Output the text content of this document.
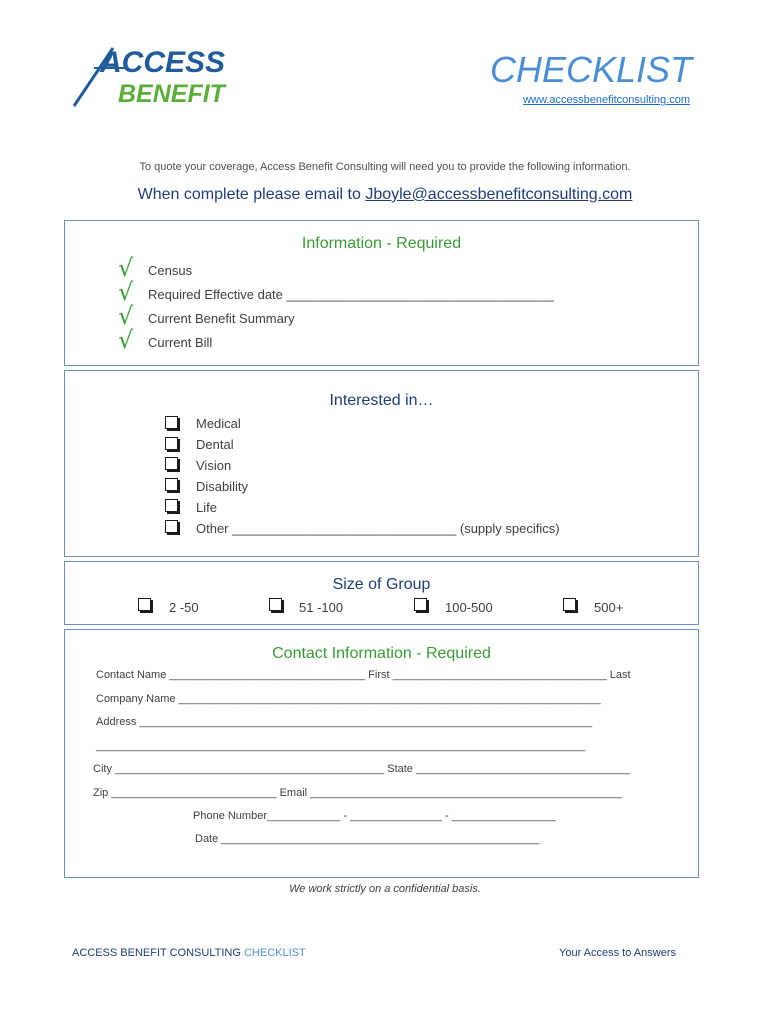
ACCESS
BENEFIT
CHECKLIST
www.accessbenefitconsulting.com
To quote your coverage, Access Benefit Consulting will need you to provide the following information.
When complete please email to Jboyle@accessbenefitconsulting.com
Information - Required
√ Census
√ Required Effective date _____________________________________
√ Current Benefit Summary
√ Current Bill
Interested in…
Medical
Dental
Vision
Disability
Life
Other _______________________________ (supply specifics)
Size of Group
2 -50	51 -100	100-500	500+
Contact Information - Required
Contact Name ________________________________ First ___________________________________ Last
Company Name _____________________________________________________________________
Address __________________________________________________________________________
________________________________________________________________________________
City ____________________________________________ State ___________________________________
Zip ___________________________ Email ___________________________________________________
Phone Number____________ - _______________ - _________________
Date ____________________________________________________
We work strictly on a confidential basis.
ACCESS BENEFIT CONSULTING CHECKLIST	Your Access to Answers
